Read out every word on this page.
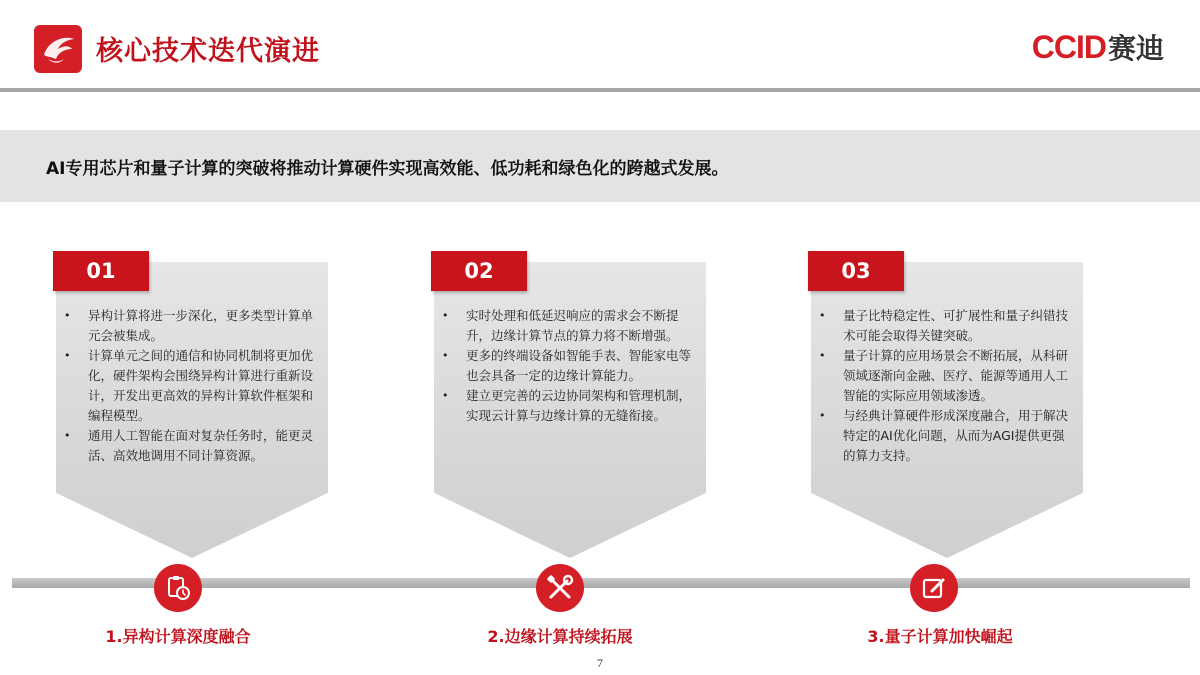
核心技术迭代演进	CCID 赛迪
AI专用芯片和量子计算的突破将推动计算硬件实现高效能、低功耗和绿色化的跨越式发展。
01
• 异构计算将进一步深化，更多类型计算单元会被集成。
• 计算单元之间的通信和协同机制将更加优化，硬件架构会围绕异构计算进行重新设计，开发出更高效的异构计算软件框架和编程模型。
• 通用人工智能在面对复杂任务时，能更灵活、高效地调用不同计算资源。
02
• 实时处理和低延迟响应的需求会不断提升，边缘计算节点的算力将不断增强。
• 更多的终端设备如智能手表、智能家电等也会具备一定的边缘计算能力。
• 建立更完善的云边协同架构和管理机制，实现云计算与边缘计算的无缝衔接。
03
• 量子比特稳定性、可扩展性和量子纠错技术可能会取得关键突破。
• 量子计算的应用场景会不断拓展，从科研领域逐渐向金融、医疗、能源等通用人工智能的实际应用领域渗透。
• 与经典计算硬件形成深度融合，用于解决特定的AI优化问题，从而为AGI提供更强的算力支持。
1.异构计算深度融合	2.边缘计算持续拓展	3.量子计算加快崛起
7
